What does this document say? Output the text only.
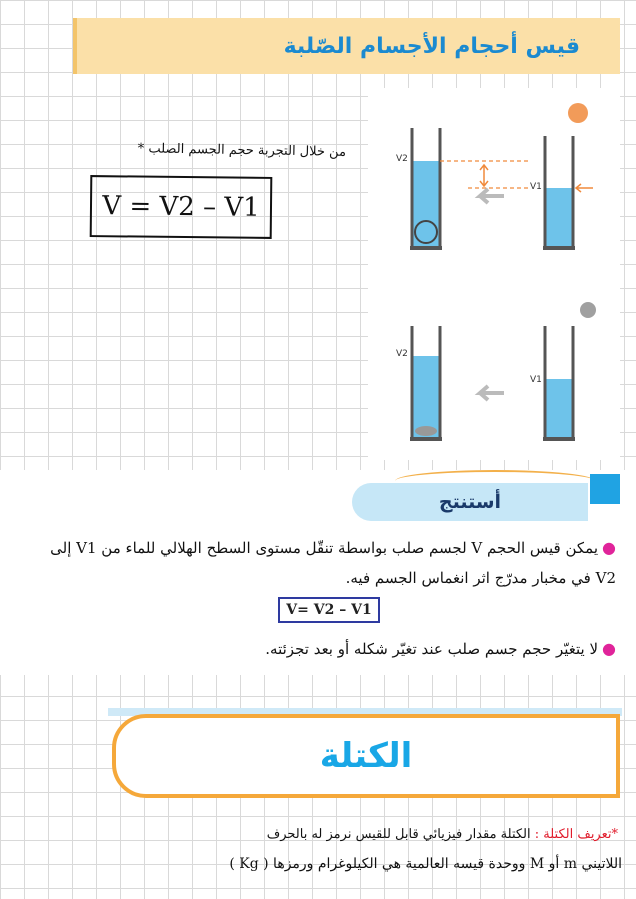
قيس أحجام الأجسام الصّلبة
* من خلال التجربة حجم الجسم الصلب
V = V2 – V1
V2
V1
V2
V1
أستنتج
●يمكن قيس الحجم V لجسم صلب بواسطة تنقّل مستوى السطح الهلالي للماء من V1 إلى
V2 في مخبار مدرّج اثر انغماس الجسم فيه.
V= V2 – V1
●لا يتغيّر حجم جسم صلب عند تغيّر شكله أو بعد تجزئته.
الكتلة
*تعريف الكتلة : الكتلة مقدار فيزيائي قابل للقيس نرمز له بالحرف
اللاتيني m أو M ووحدة قيسه العالمية هي الكيلوغرام ورمزها ( Kg )
